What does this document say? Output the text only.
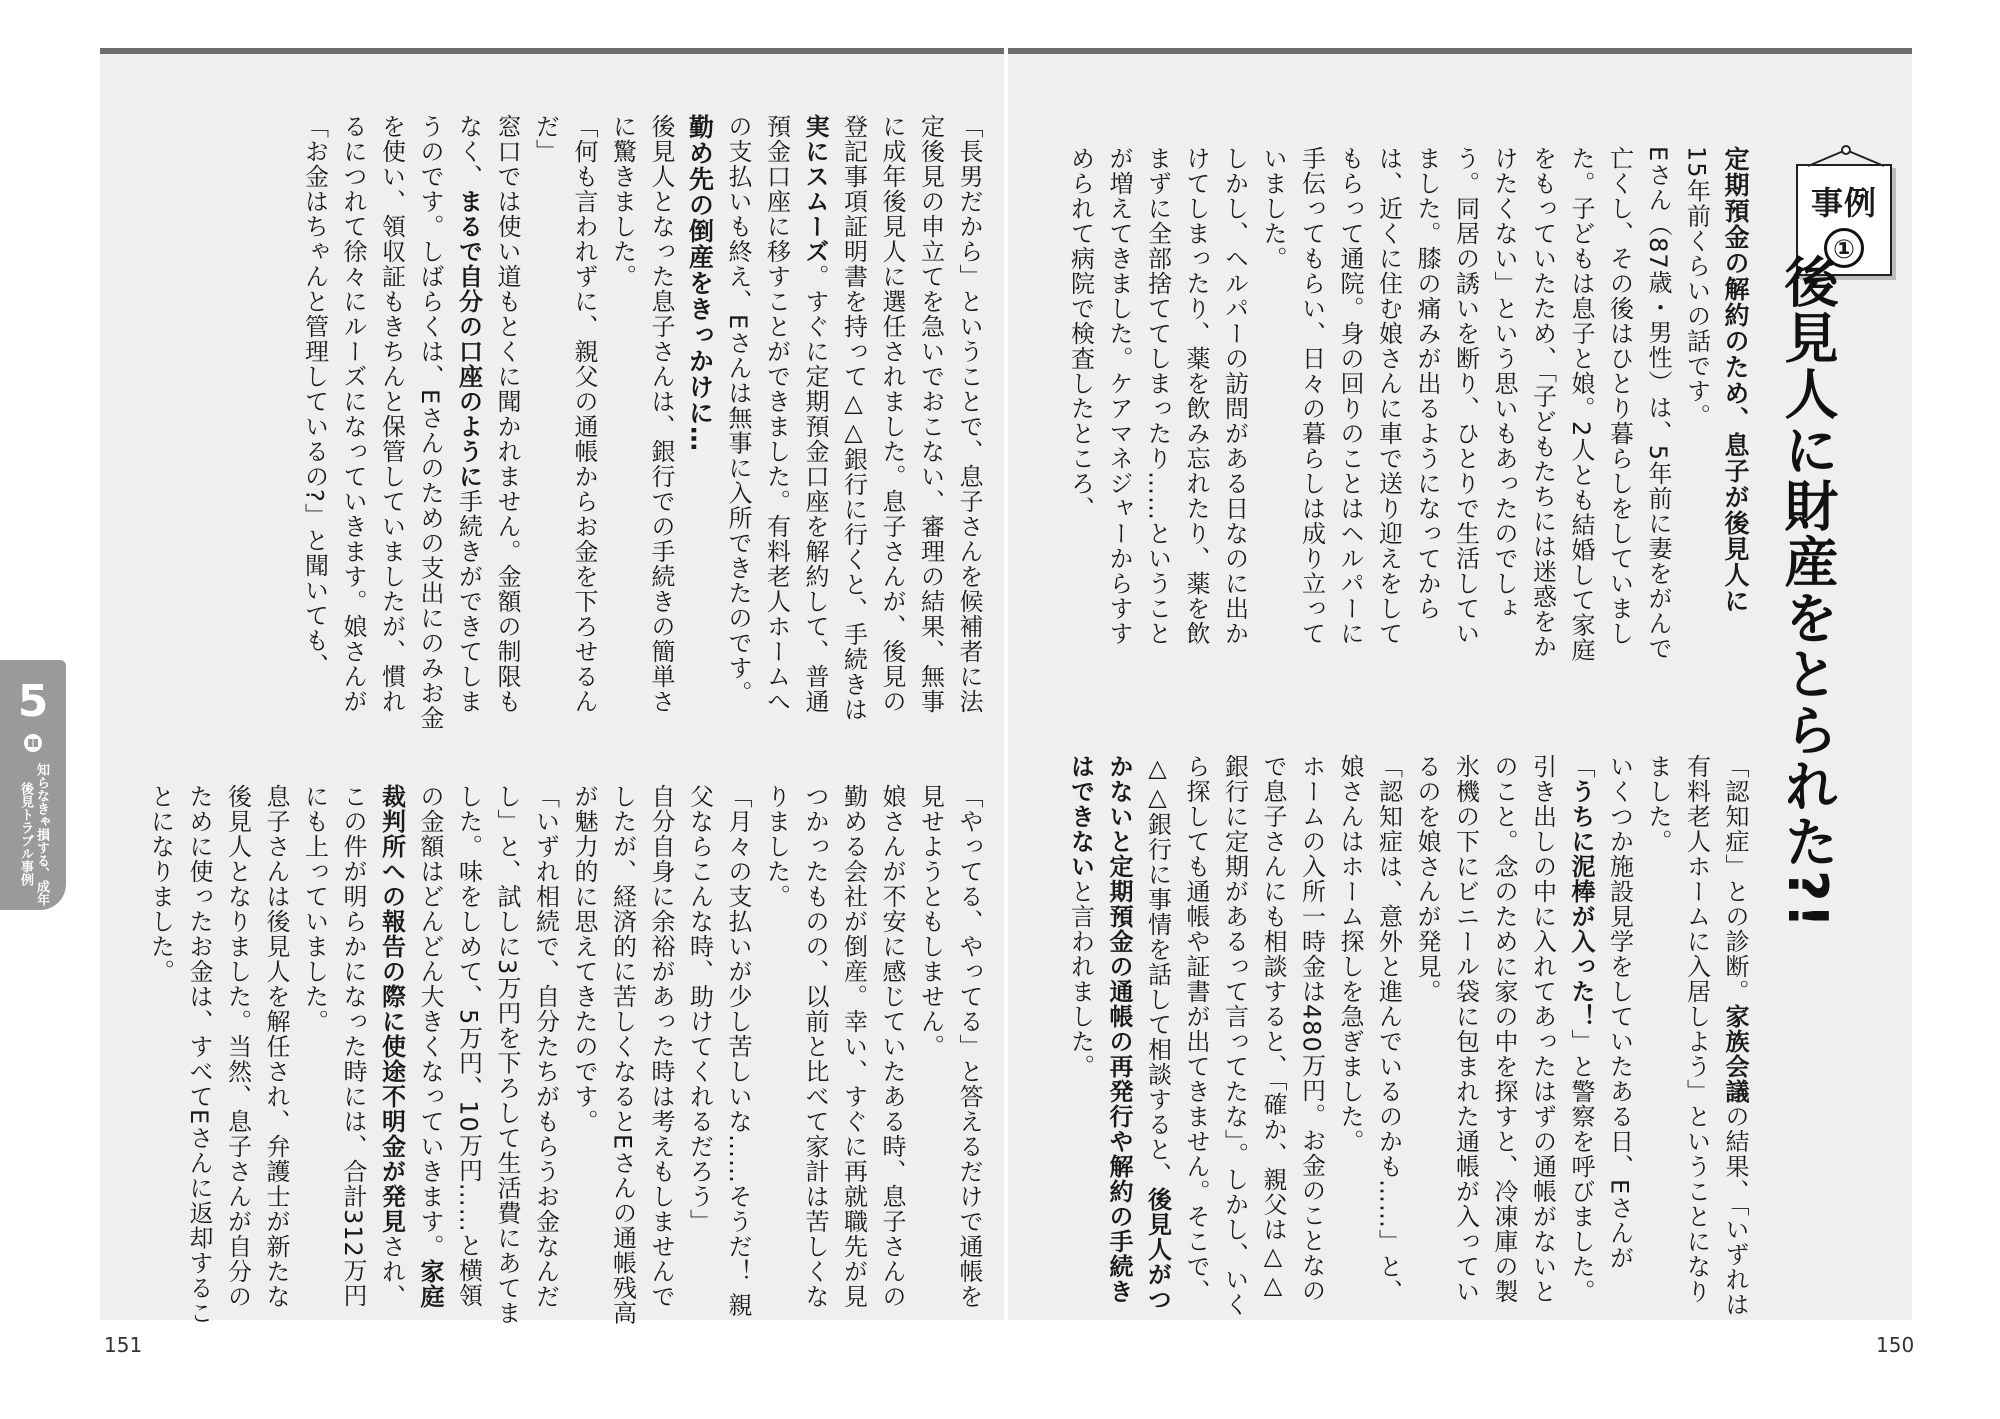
事例
①
後見人に財産をとられた?!

定期預金の解約のため、息子が後見人に

15年前くらいの話です。

Eさん（87歳・男性）は、5年前に妻をがんで亡くし、その後はひとり暮らしをしていました。子どもは息子と娘。2人とも結婚して家庭をもっていたため、「子どもたちには迷惑をかけたくない」という思いもあったのでしょう。同居の誘いを断り、ひとりで生活していました。膝の痛みが出るようになってからは、近くに住む娘さんに車で送り迎えをしてもらって通院。身の回りのことはヘルパーに手伝ってもらい、日々の暮らしは成り立っていました。

しかし、ヘルパーの訪問がある日なのに出かけてしまったり、薬を飲み忘れたり、薬を飲まずに全部捨ててしまったり……ということが増えてきました。ケアマネジャーからすすめられて病院で検査したところ、

「認知症」との診断。家族会議の結果、「いずれは有料老人ホームに入居しよう」ということになりました。

いくつか施設見学をしていたある日、Eさんが「うちに泥棒が入った！」と警察を呼びました。引き出しの中に入れてあったはずの通帳がないとのこと。念のために家の中を探すと、冷凍庫の製氷機の下にビニール袋に包まれた通帳が入っているのを娘さんが発見。

「認知症は、意外と進んでいるのかも……」と、娘さんはホーム探しを急ぎました。

ホームの入所一時金は480万円。お金のことなので息子さんにも相談すると、「確か、親父は△△銀行に定期があるって言ってたな」。しかし、いくら探しても通帳や証書が出てきません。そこで、△△銀行に事情を話して相談すると、後見人がつかないと定期預金の通帳の再発行や解約の手続きはできないと言われました。

「長男だから」ということで、息子さんを候補者に法定後見の申立てを急いでおこない、審理の結果、無事に成年後見人に選任されました。息子さんが、後見の登記事項証明書を持って△△銀行に行くと、手続きは実にスムーズ。すぐに定期預金口座を解約して、普通預金口座に移すことができました。有料老人ホームへの支払いも終え、Eさんは無事に入所できたのです。

勤め先の倒産をきっかけに…

後見人となった息子さんは、銀行での手続きの簡単さに驚きました。

「何も言われずに、親父の通帳からお金を下ろせるんだ」

窓口では使い道もとくに聞かれません。金額の制限もなく、まるで自分の口座のように手続きができてしまうのです。しばらくは、Eさんのための支出にのみお金を使い、領収証もきちんと保管していましたが、慣れるにつれて徐々にルーズになっていきます。娘さんが「お金はちゃんと管理しているの?」と聞いても、

「やってる、やってる」と答えるだけで通帳を見せようともしません。

娘さんが不安に感じていたある時、息子さんの勤める会社が倒産。幸い、すぐに再就職先が見つかったものの、以前と比べて家計は苦しくなりました。

「月々の支払いが少し苦しいな……そうだ！ 親父ならこんな時、助けてくれるだろう」

自分自身に余裕があった時は考えもしませんでしたが、経済的に苦しくなるとEさんの通帳残高が魅力的に思えてきたのです。

「いずれ相続で、自分たちがもらうお金なんだし」と、試しに3万円を下ろして生活費にあてました。味をしめて、5万円、10万円……と横領の金額はどんどん大きくなっていきます。家庭裁判所への報告の際に使途不明金が発見され、この件が明らかになった時には、合計312万円にも上っていました。

息子さんは後見人を解任され、弁護士が新たな後見人となりました。当然、息子さんが自分のために使ったお金は、すべてEさんに返却することになりました。

5
知らなきゃ損する、成年後見トラブル事例
151	150
